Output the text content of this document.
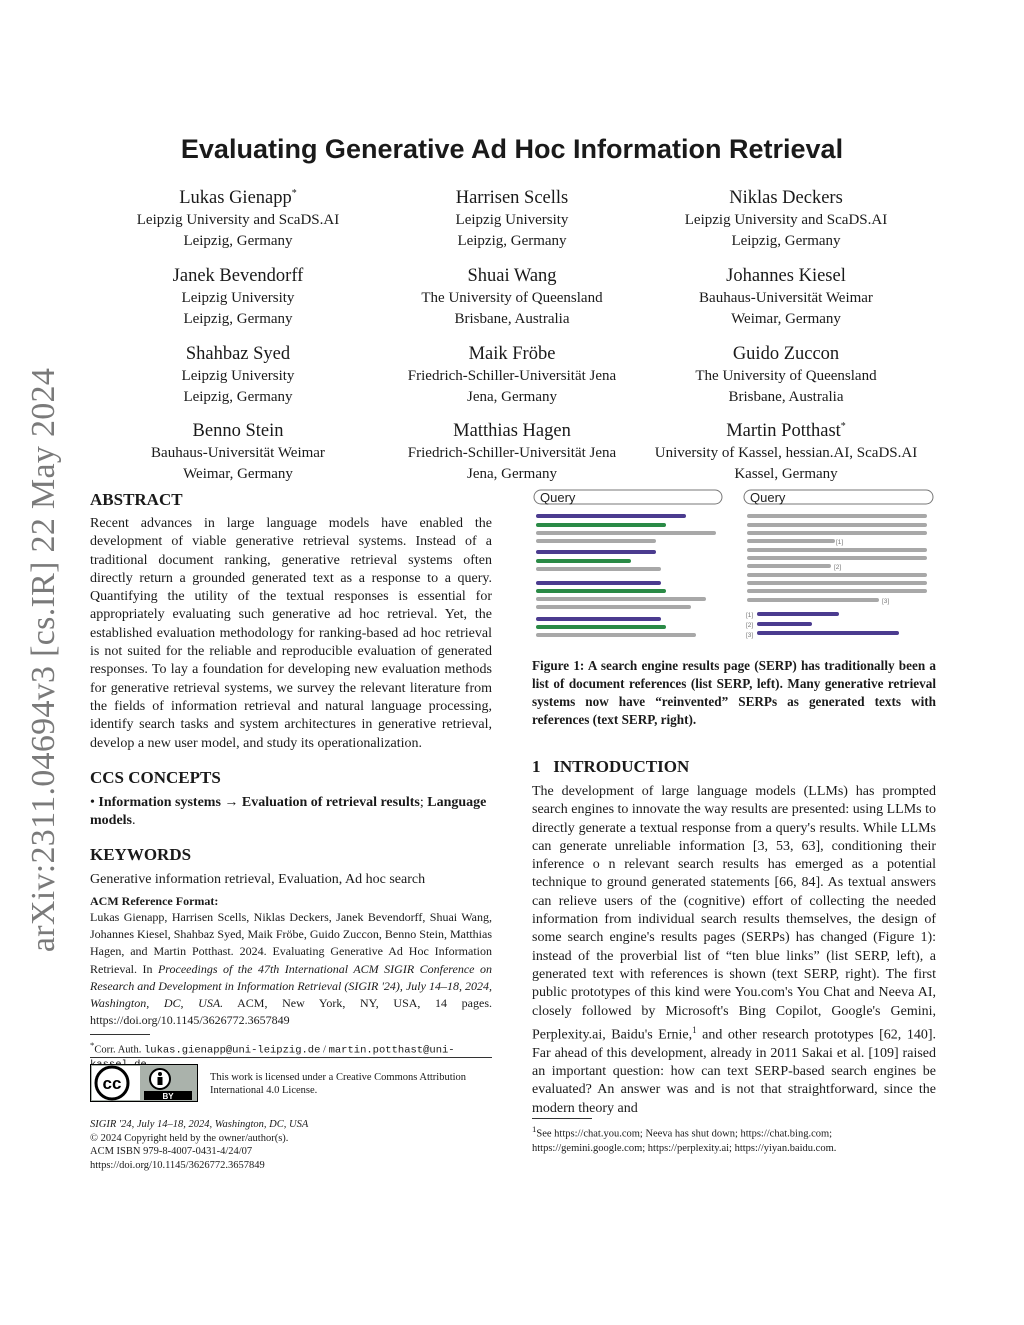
arXiv:2311.04694v3 [cs.IR] 22 May 2024
Evaluating Generative Ad Hoc Information Retrieval
Lukas Gienapp*
Leipzig University and ScaDS.AI
Leipzig, Germany
Harrisen Scells
Leipzig University
Leipzig, Germany
Niklas Deckers
Leipzig University and ScaDS.AI
Leipzig, Germany
Janek Bevendorff
Leipzig University
Leipzig, Germany
Shuai Wang
The University of Queensland
Brisbane, Australia
Johannes Kiesel
Bauhaus-Universität Weimar
Weimar, Germany
Shahbaz Syed
Leipzig University
Leipzig, Germany
Maik Fröbe
Friedrich-Schiller-Universität Jena
Jena, Germany
Guido Zuccon
The University of Queensland
Brisbane, Australia
Benno Stein
Bauhaus-Universität Weimar
Weimar, Germany
Matthias Hagen
Friedrich-Schiller-Universität Jena
Jena, Germany
Martin Potthast*
University of Kassel, hessian.AI, ScaDS.AI
Kassel, Germany
ABSTRACT

Recent advances in large language models have enabled the development of viable generative retrieval systems. Instead of a traditional document ranking, generative retrieval systems often directly return a grounded generated text as a response to a query. Quantifying the utility of the textual responses is essential for appropriately evaluating such generative ad hoc retrieval. Yet, the established evaluation methodology for ranking-based ad hoc retrieval is not suited for the reliable and reproducible evaluation of generated responses. To lay a foundation for developing new evaluation methods for generative retrieval systems, we survey the relevant literature from the fields of information retrieval and natural language processing, identify search tasks and system architectures in generative retrieval, develop a new user model, and study its operationalization.

CCS CONCEPTS

• Information systems → Evaluation of retrieval results; Language models.

KEYWORDS

Generative information retrieval, Evaluation, Ad hoc search

ACM Reference Format:

Lukas Gienapp, Harrisen Scells, Niklas Deckers, Janek Bevendorff, Shuai Wang, Johannes Kiesel, Shahbaz Syed, Maik Fröbe, Guido Zuccon, Benno Stein, Matthias Hagen, and Martin Potthast. 2024. Evaluating Generative Ad Hoc Information Retrieval. In Proceedings of the 47th International ACM SIGIR Conference on Research and Development in Information Retrieval (SIGIR '24), July 14–18, 2024, Washington, DC, USA. ACM, New York, NY, USA, 14 pages. https://doi.org/10.1145/3626772.3657849

*Corr. Auth. lukas.gienapp@uni-leipzig.de / martin.potthast@uni-
cc
BY
This work is licensed under a Creative Commons Attribution International 4.0 License.
SIGIR '24, July 14–18, 2024, Washington, DC, USA
© 2024 Copyright held by the owner/author(s).
ACM ISBN 979-8-4007-0431-4/24/07
https://doi.org/10.1145/3626772.3657849
Query	Query
[1]
[2]
[3]
[1]
[2]
[3]

Figure 1: A search engine results page (SERP) has traditionally been a list of document references (list SERP, left). Many generative retrieval systems now have “reinvented” SERPs as generated texts with references (text SERP, right).

1 INTRODUCTION

The development of large language models (LLMs) has prompted search engines to innovate the way results are presented: using LLMs to directly generate a textual response from a query's results. While LLMs can generate unreliable information [3, 53, 63], conditioning their inference o n relevant search results has emerged as a potential technique to ground generated statements [66, 84]. As textual answers can relieve users of the (cognitive) effort of collecting the needed information from individual search results themselves, the design of some search engine's results pages (SERPs) has changed (Figure 1): instead of the proverbial list of “ten blue links” (list SERP, left), a generated text with references is shown (text SERP, right). The first public prototypes of this kind were You.com's You Chat and Neeva AI, closely followed by Microsoft's Bing Copilot, Google's Gemini, Perplexity.ai, Baidu's Ernie,$^1$ and other research prototypes [62, 140]. Far ahead of this development, already in 2011 Sakai et al. [109] raised an important question: how can text SERP-based search engines be evaluated? An answer was and is not that straightforward, since the modern theory and

$^1$See https://chat.you.com; Neeva has shut down; https://chat.bing.com; https://gemini.google.com; https://perplexity.ai; https://yiyan.baidu.com.
